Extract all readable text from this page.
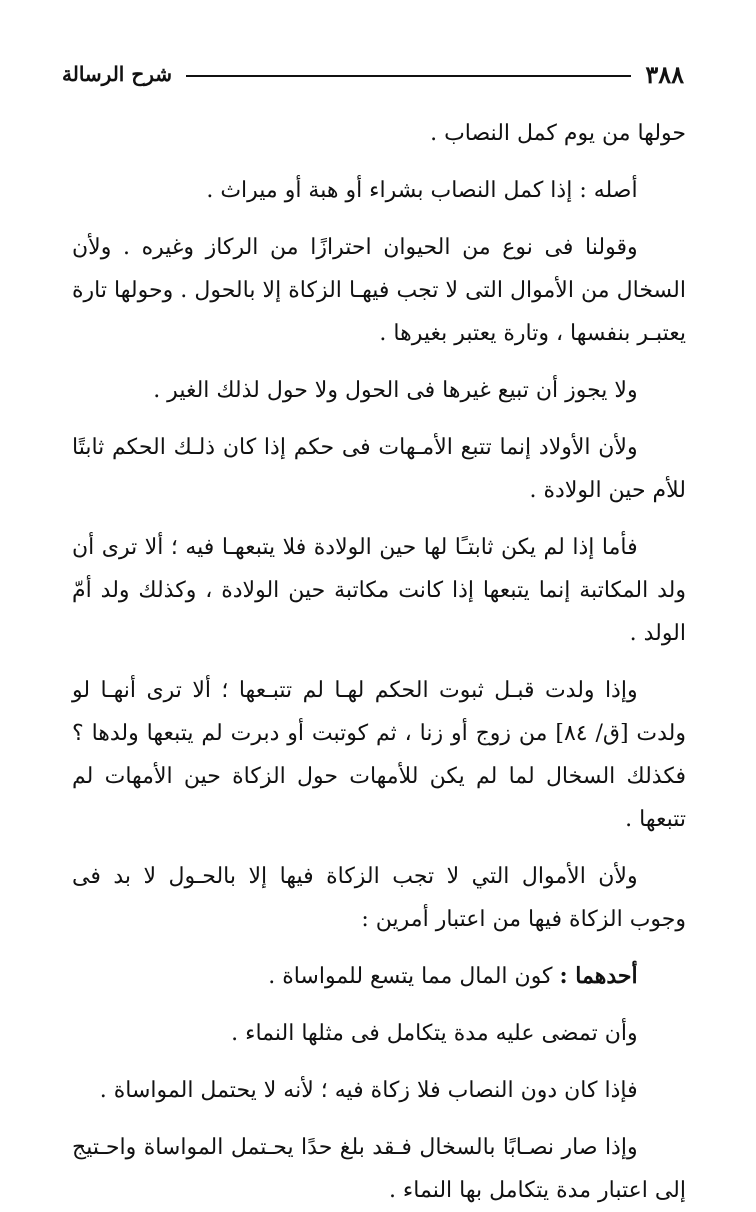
٣٨٨
شرح الرسالة

حولها من يوم كمل النصاب .

أصله : إذا كمل النصاب بشراء أو هبة أو ميراث .

وقولنا فى نوع من الحيوان احترازًا من الركاز وغيره . ولأن السخال من الأموال التى لا تجب فيهـا الزكاة إلا بالحول . وحولها تارة يعتبـر بنفسها ، وتارة يعتبر بغيرها .

ولا يجوز أن تبيع غيرها فى الحول ولا حول لذلك الغير .

ولأن الأولاد إنما تتبع الأمـهات فى حكم إذا كان ذلـك الحكم ثابتًا للأم حين الولادة .

فأما إذا لم يكن ثابتـًا لها حين الولادة فلا يتبعهـا فيه ؛ ألا ترى أن ولد المكاتبة إنما يتبعها إذا كانت مكاتبة حين الولادة ، وكذلك ولد أمّ الولد .

وإذا ولدت قبـل ثبوت الحكم لهـا لم تتبـعها ؛ ألا ترى أنهـا لو ولدت [ق/ ٨٤] من زوج أو زنا ، ثم كوتبت أو دبرت لم يتبعها ولدها ؟ فكذلك السخال لما لم يكن للأمهات حول الزكاة حين الأمهات لم تتبعها .

ولأن الأموال التي لا تجب الزكاة فيها إلا بالحـول لا بد فى وجوب الزكاة فيها من اعتبار أمرين :

أحدهما : كون المال مما يتسع للمواساة .

وأن تمضى عليه مدة يتكامل فى مثلها النماء .

فإذا كان دون النصاب فلا زكاة فيه ؛ لأنه لا يحتمل المواساة .

وإذا صار نصـابًا بالسخال فـقد بلغ حدًا يحـتمل المواساة واحـتيج إلى اعتبار مدة يتكامل بها النماء .
